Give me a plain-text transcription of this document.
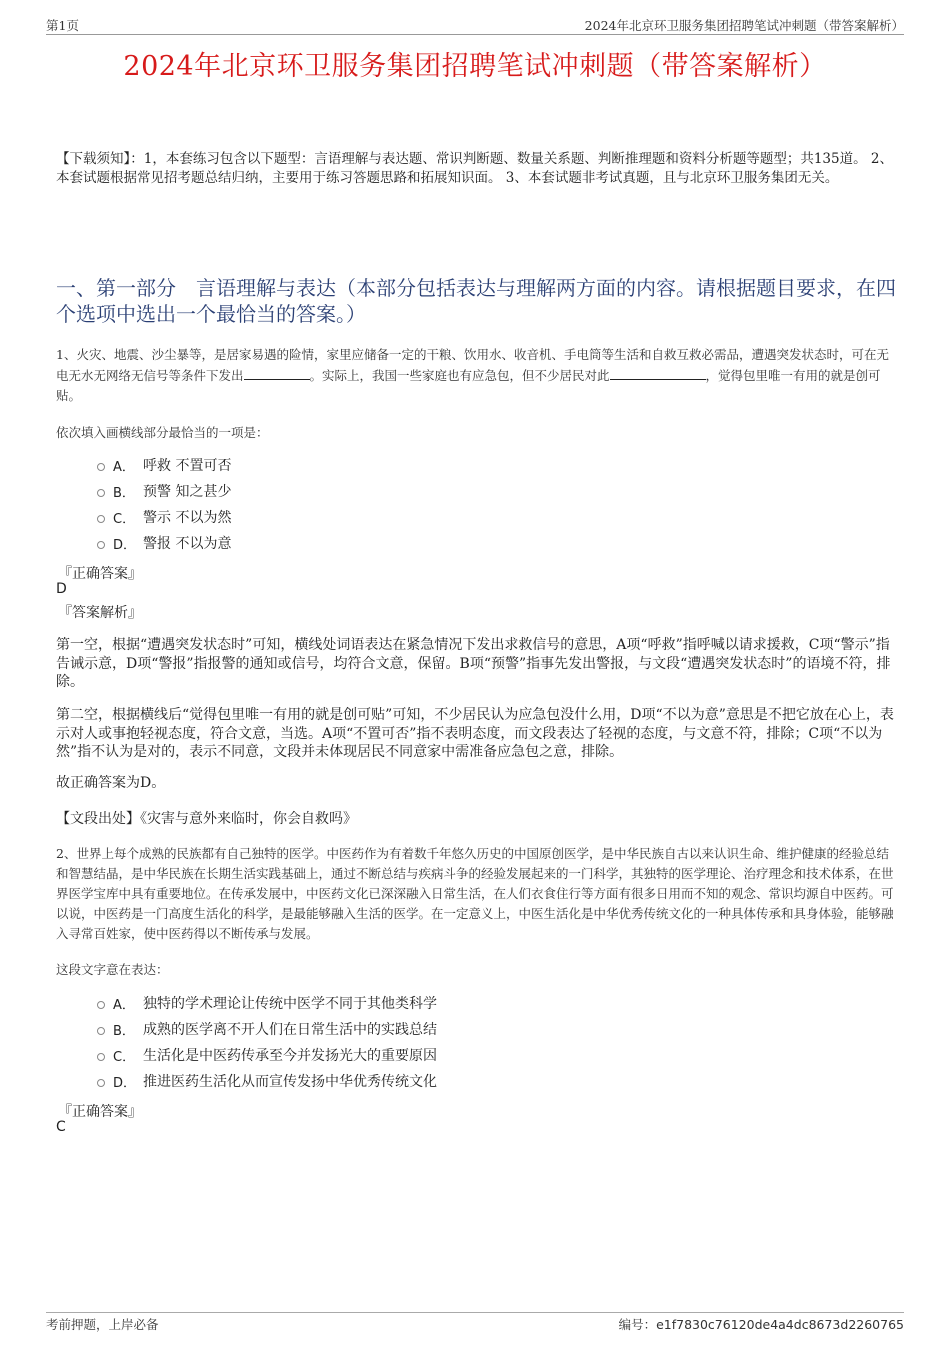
第1页	2024年北京环卫服务集团招聘笔试冲刺题（带答案解析）
2024年北京环卫服务集团招聘笔试冲刺题（带答案解析）
【下载须知】：1，本套练习包含以下题型：言语理解与表达题、常识判断题、数量关系题、判断推理题和资料分析题等题型；共135道。 2、本套试题根据常见招考题总结归纳，主要用于练习答题思路和拓展知识面。 3、本套试题非考试真题，且与北京环卫服务集团无关。
一、第一部分　言语理解与表达（本部分包括表达与理解两方面的内容。请根据题目要求，在四个选项中选出一个最恰当的答案。）
1、火灾、地震、沙尘暴等，是居家易遇的险情，家里应储备一定的干粮、饮用水、收音机、手电筒等生活和自救互救必需品，遭遇突发状态时，可在无电无水无网络无信号等条件下发出	。实际上，我国一些家庭也有应急包，但不少居民对此	，觉得包里唯一有用的就是创可贴。
依次填入画横线部分最恰当的一项是：
A． 呼救 不置可否
B． 预警 知之甚少
C． 警示 不以为然
D． 警报 不以为意
『正确答案』
D
『答案解析』
第一空，根据“遭遇突发状态时”可知，横线处词语表达在紧急情况下发出求救信号的意思，A项“呼救”指呼喊以请求援救，C项“警示”指告诫示意，D项“警报”指报警的通知或信号，均符合文意，保留。B项“预警”指事先发出警报，与文段“遭遇突发状态时”的语境不符，排除。
第二空，根据横线后“觉得包里唯一有用的就是创可贴”可知，不少居民认为应急包没什么用，D项“不以为意”意思是不把它放在心上，表示对人或事抱轻视态度，符合文意，当选。A项“不置可否”指不表明态度，而文段表达了轻视的态度，与文意不符，排除；C项“不以为然”指不认为是对的，表示不同意，文段并未体现居民不同意家中需准备应急包之意，排除。
故正确答案为D。
【文段出处】《灾害与意外来临时，你会自救吗》
2、世界上每个成熟的民族都有自己独特的医学。中医药作为有着数千年悠久历史的中国原创医学，是中华民族自古以来认识生命、维护健康的经验总结和智慧结晶，是中华民族在长期生活实践基础上，通过不断总结与疾病斗争的经验发展起来的一门科学，其独特的医学理论、治疗理念和技术体系，在世界医学宝库中具有重要地位。在传承发展中，中医药文化已深深融入日常生活，在人们衣食住行等方面有很多日用而不知的观念、常识均源自中医药。可以说，中医药是一门高度生活化的科学，是最能够融入生活的医学。在一定意义上，中医生活化是中华优秀传统文化的一种具体传承和具身体验，能够融入寻常百姓家，使中医药得以不断传承与发展。
这段文字意在表达：
A． 独特的学术理论让传统中医学不同于其他类科学
B． 成熟的医学离不开人们在日常生活中的实践总结
C． 生活化是中医药传承至今并发扬光大的重要原因
D． 推进医药生活化从而宣传发扬中华优秀传统文化
『正确答案』
C
考前押题，上岸必备	编号：e1f7830c76120de4a4dc8673d2260765
